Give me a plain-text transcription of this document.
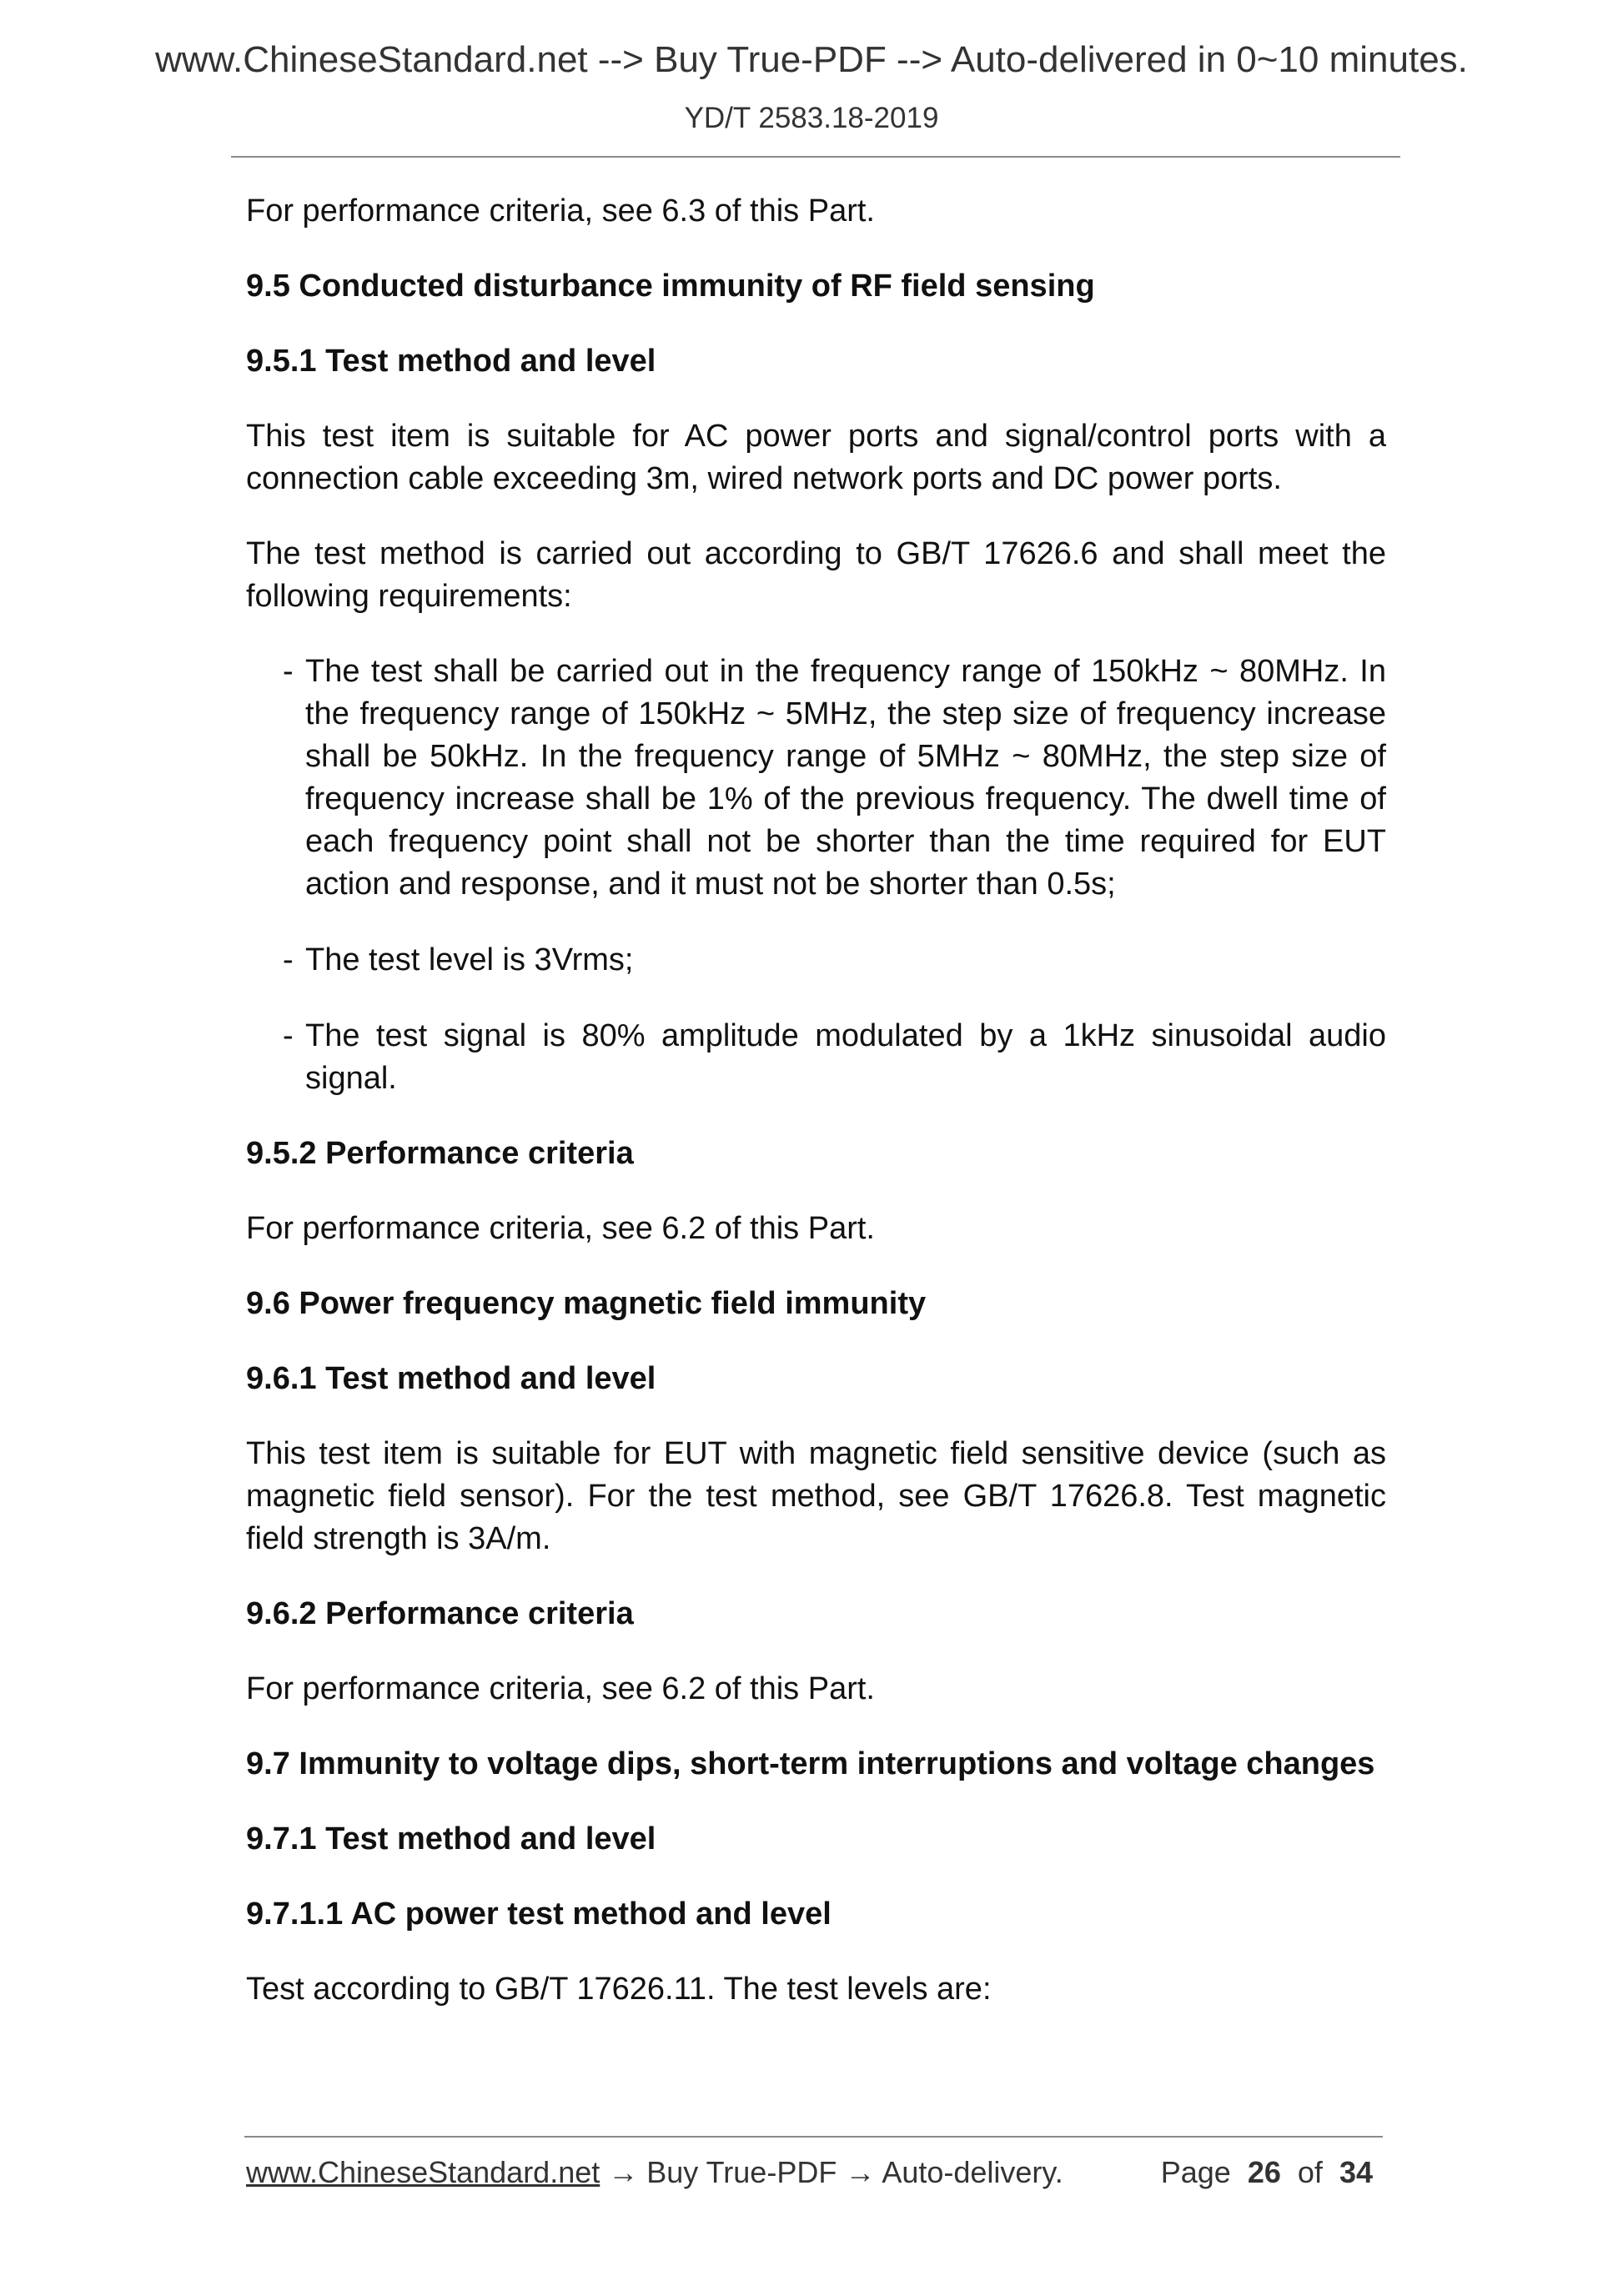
www.ChineseStandard.net --> Buy True-PDF --> Auto-delivered in 0~10 minutes.
YD/T 2583.18-2019

For performance criteria, see 6.3 of this Part.

9.5 Conducted disturbance immunity of RF field sensing

9.5.1 Test method and level

This test item is suitable for AC power ports and signal/control ports with a connection cable exceeding 3m, wired network ports and DC power ports.

The test method is carried out according to GB/T 17626.6 and shall meet the following requirements:

- The test shall be carried out in the frequency range of 150kHz ~ 80MHz. In the frequency range of 150kHz ~ 5MHz, the step size of frequency increase shall be 50kHz. In the frequency range of 5MHz ~ 80MHz, the step size of frequency increase shall be 1% of the previous frequency. The dwell time of each frequency point shall not be shorter than the time required for EUT action and response, and it must not be shorter than 0.5s;
- The test level is 3Vrms;
- The test signal is 80% amplitude modulated by a 1kHz sinusoidal audio signal.

9.5.2 Performance criteria

For performance criteria, see 6.2 of this Part.

9.6 Power frequency magnetic field immunity

9.6.1 Test method and level

This test item is suitable for EUT with magnetic field sensitive device (such as magnetic field sensor). For the test method, see GB/T 17626.8. Test magnetic field strength is 3A/m.

9.6.2 Performance criteria

For performance criteria, see 6.2 of this Part.

9.7 Immunity to voltage dips, short-term interruptions and voltage changes

9.7.1 Test method and level

9.7.1.1 AC power test method and level

Test according to GB/T 17626.11. The test levels are:

www.ChineseStandard.net → Buy True-PDF → Auto-delivery.	Page 26 of 34
